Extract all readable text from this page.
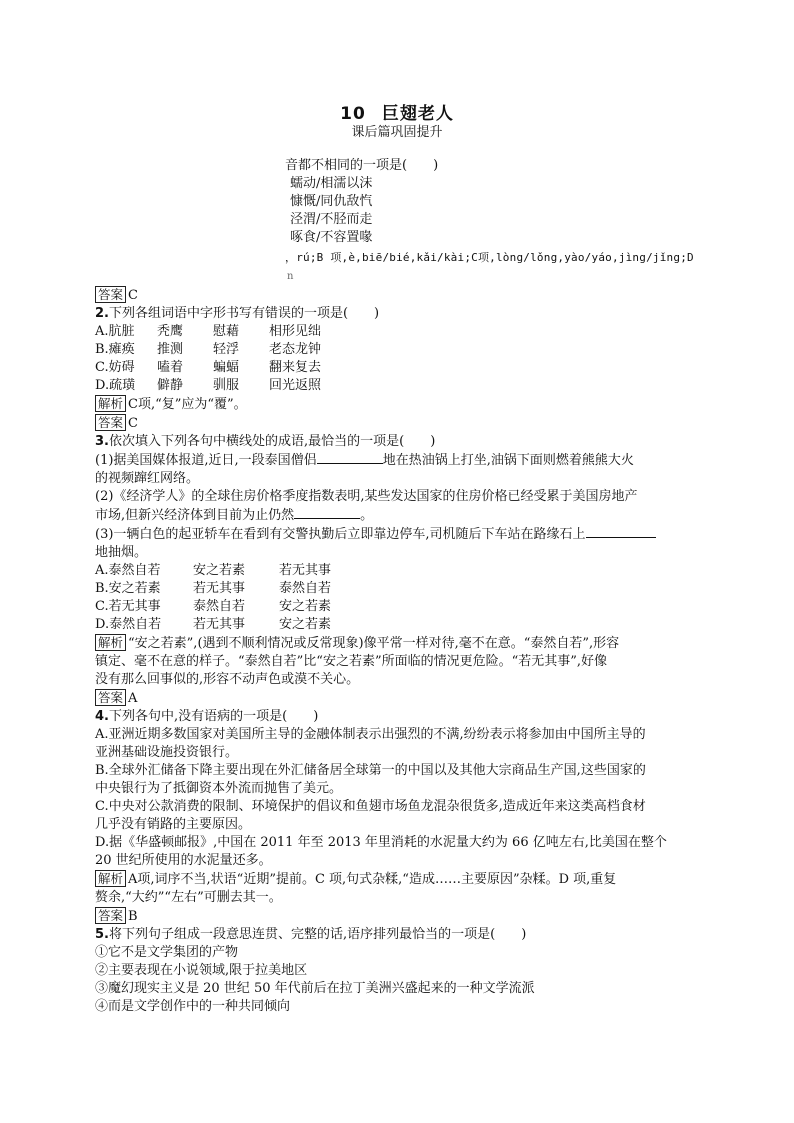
10 巨翅老人
课后篇巩固提升
音都不相同的一项是(　　)
蠕动/相濡以沫
慷慨/同仇敌忾
泾渭/不胫而走
啄食/不容置喙
，rú;B 项,è,biē/bié,kǎi/kài;C项,lòng/lǒng,yào/yáo,jìng/jǐng;D
n
答案 C
2.下列各组词语中字形书写有错误的一项是(　　)
A.肮脏 秃鹰 慰藉 相形见绌
B.瘫痪 推测 轻浮 老态龙钟
C.妨碍 嗑着 蝙蝠 翻来复去
D.疏璜 僻静 驯服 回光返照
解析 C项,“复”应为“覆”。
答案 C
3.依次填入下列各句中横线处的成语,最恰当的一项是(　　)
(1)据美国媒体报道,近日,一段泰国僧侣	地在热油锅上打坐,油锅下面则燃着熊熊大火
的视频蹿红网络。
(2)《经济学人》的全球住房价格季度指数表明,某些发达国家的住房价格已经受累于美国房地产
市场,但新兴经济体到目前为止仍然	。
(3)一辆白色的起亚轿车在看到有交警执勤后立即靠边停车,司机随后下车站在路缘石上
地抽烟。
A.泰然自若 安之若素	若无其事
B.安之若素 若无其事	泰然自若
C.若无其事 泰然自若	安之若素
D.泰然自若 若无其事	安之若素
解析 “安之若素”,(遇到不顺利情况或反常现象)像平常一样对待,毫不在意。“泰然自若”,形容
镇定、毫不在意的样子。“泰然自若”比“安之若素”所面临的情况更危险。“若无其事”,好像
没有那么回事似的,形容不动声色或漠不关心。
答案 A
4.下列各句中,没有语病的一项是(　　)
A.亚洲近期多数国家对美国所主导的金融体制表示出强烈的不满,纷纷表示将参加由中国所主导的
亚洲基础设施投资银行。
B.全球外汇储备下降主要出现在外汇储备居全球第一的中国以及其他大宗商品生产国,这些国家的
中央银行为了抵御资本外流而抛售了美元。
C.中央对公款消费的限制、环境保护的倡议和鱼翅市场鱼龙混杂很货多,造成近年来这类高档食材
几乎没有销路的主要原因。
D.据《华盛顿邮报》,中国在 2011 年至 2013 年里消耗的水泥量大约为 66 亿吨左右,比美国在整个
20 世纪所使用的水泥量还多。
解析 A项,词序不当,状语“近期”提前。C 项,句式杂糅,“造成……主要原因”杂糅。D 项,重复
赘余,“大约”“左右”可删去其一。
答案 B
5.将下列句子组成一段意思连贯、完整的话,语序排列最恰当的一项是(　　)
①它不是文学集团的产物
②主要表现在小说领域,限于拉美地区
③魔幻现实主义是 20 世纪 50 年代前后在拉丁美洲兴盛起来的一种文学流派
④而是文学创作中的一种共同倾向
